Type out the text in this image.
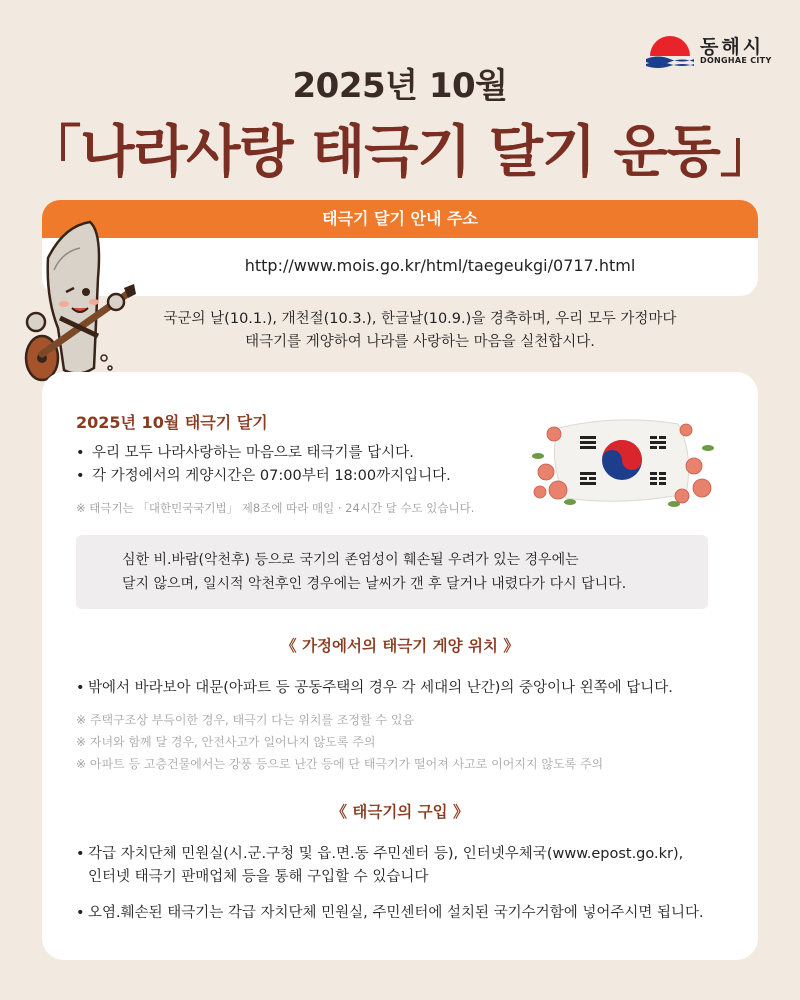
동해시
DONGHAE CITY
2025년 10월
「나라사랑 태극기 달기 운동」
태극기 달기 안내 주소
http://www.mois.go.kr/html/taegeukgi/0717.html
국군의 날(10.1.), 개천절(10.3.), 한글날(10.9.)을 경축하며, 우리 모두 가정마다
태극기를 게양하여 나라를 사랑하는 마음을 실천합시다.
2025년 10월 태극기 달기
• 우리 모두 나라사랑하는 마음으로 태극기를 답시다.
• 각 가정에서의 게양시간은 07:00부터 18:00까지입니다.
※ 태극기는 「대한민국국기법」 제8조에 따라 매일 · 24시간 달 수도 있습니다.
심한 비.바람(악천후) 등으로 국기의 존엄성이 훼손될 우려가 있는 경우에는
달지 않으며, 일시적 악천후인 경우에는 날씨가 갠 후 달거나 내렸다가 다시 답니다.
《 가정에서의 태극기 게양 위치 》
• 밖에서 바라보아 대문(아파트 등 공동주택의 경우 각 세대의 난간)의 중앙이나 왼쪽에 답니다.
※ 주택구조상 부득이한 경우, 태극기 다는 위치를 조정할 수 있음
※ 자녀와 함께 달 경우, 안전사고가 일어나지 않도록 주의
※ 아파트 등 고층건물에서는 강풍 등으로 난간 등에 단 태극기가 떨어져 사고로 이어지지 않도록 주의
《 태극기의 구입 》
• 각급 자치단체 민원실(시.군.구청 및 읍.면.동 주민센터 등), 인터넷우체국(www.epost.go.kr),
인터넷 태극기 판매업체 등을 통해 구입할 수 있습니다
• 오염.훼손된 태극기는 각급 자치단체 민원실, 주민센터에 설치된 국기수거함에 넣어주시면 됩니다.
